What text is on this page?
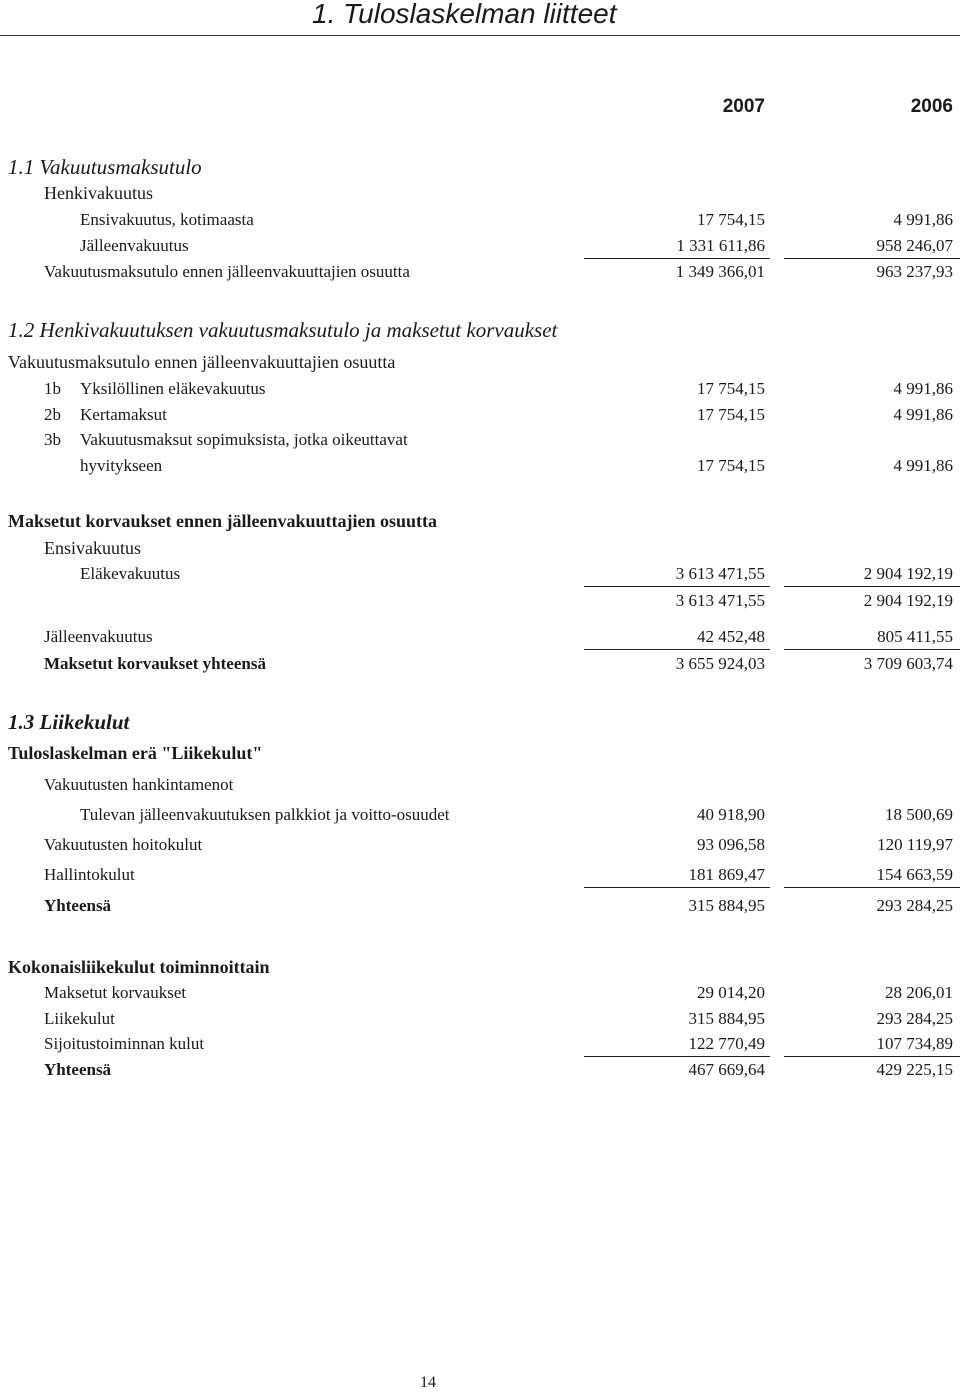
1. Tuloslaskelman liitteet
2007	2006
1.1 Vakuutusmaksutulo
Henkivakuutus
Ensivakuutus, kotimaasta	17 754,15	4 991,86
Jälleenvakuutus	1 331 611,86	958 246,07
Vakuutusmaksutulo ennen jälleenvakuuttajien osuutta	1 349 366,01	963 237,93
1.2 Henkivakuutuksen vakuutusmaksutulo ja maksetut korvaukset
Vakuutusmaksutulo ennen jälleenvakuuttajien osuutta
1b Yksilöllinen eläkevakuutus	17 754,15	4 991,86
2b Kertamaksut	17 754,15	4 991,86
3b Vakuutusmaksut sopimuksista, jotka oikeuttavat
hyvitykseen	17 754,15	4 991,86
Maksetut korvaukset ennen jälleenvakuuttajien osuutta
Ensivakuutus
Eläkevakuutus	3 613 471,55	2 904 192,19
3 613 471,55	2 904 192,19
Jälleenvakuutus	42 452,48	805 411,55
Maksetut korvaukset yhteensä	3 655 924,03	3 709 603,74
1.3 Liikekulut
Tuloslaskelman erä "Liikekulut"
Vakuutusten hankintamenot
Tulevan jälleenvakuutuksen palkkiot ja voitto-osuudet	40 918,90	18 500,69
Vakuutusten hoitokulut	93 096,58	120 119,97
Hallintokulut	181 869,47	154 663,59
Yhteensä	315 884,95	293 284,25
Kokonaisliikekulut toiminnoittain
Maksetut korvaukset	29 014,20	28 206,01
Liikekulut	315 884,95	293 284,25
Sijoitustoiminnan kulut	122 770,49	107 734,89
Yhteensä	467 669,64	429 225,15
14
